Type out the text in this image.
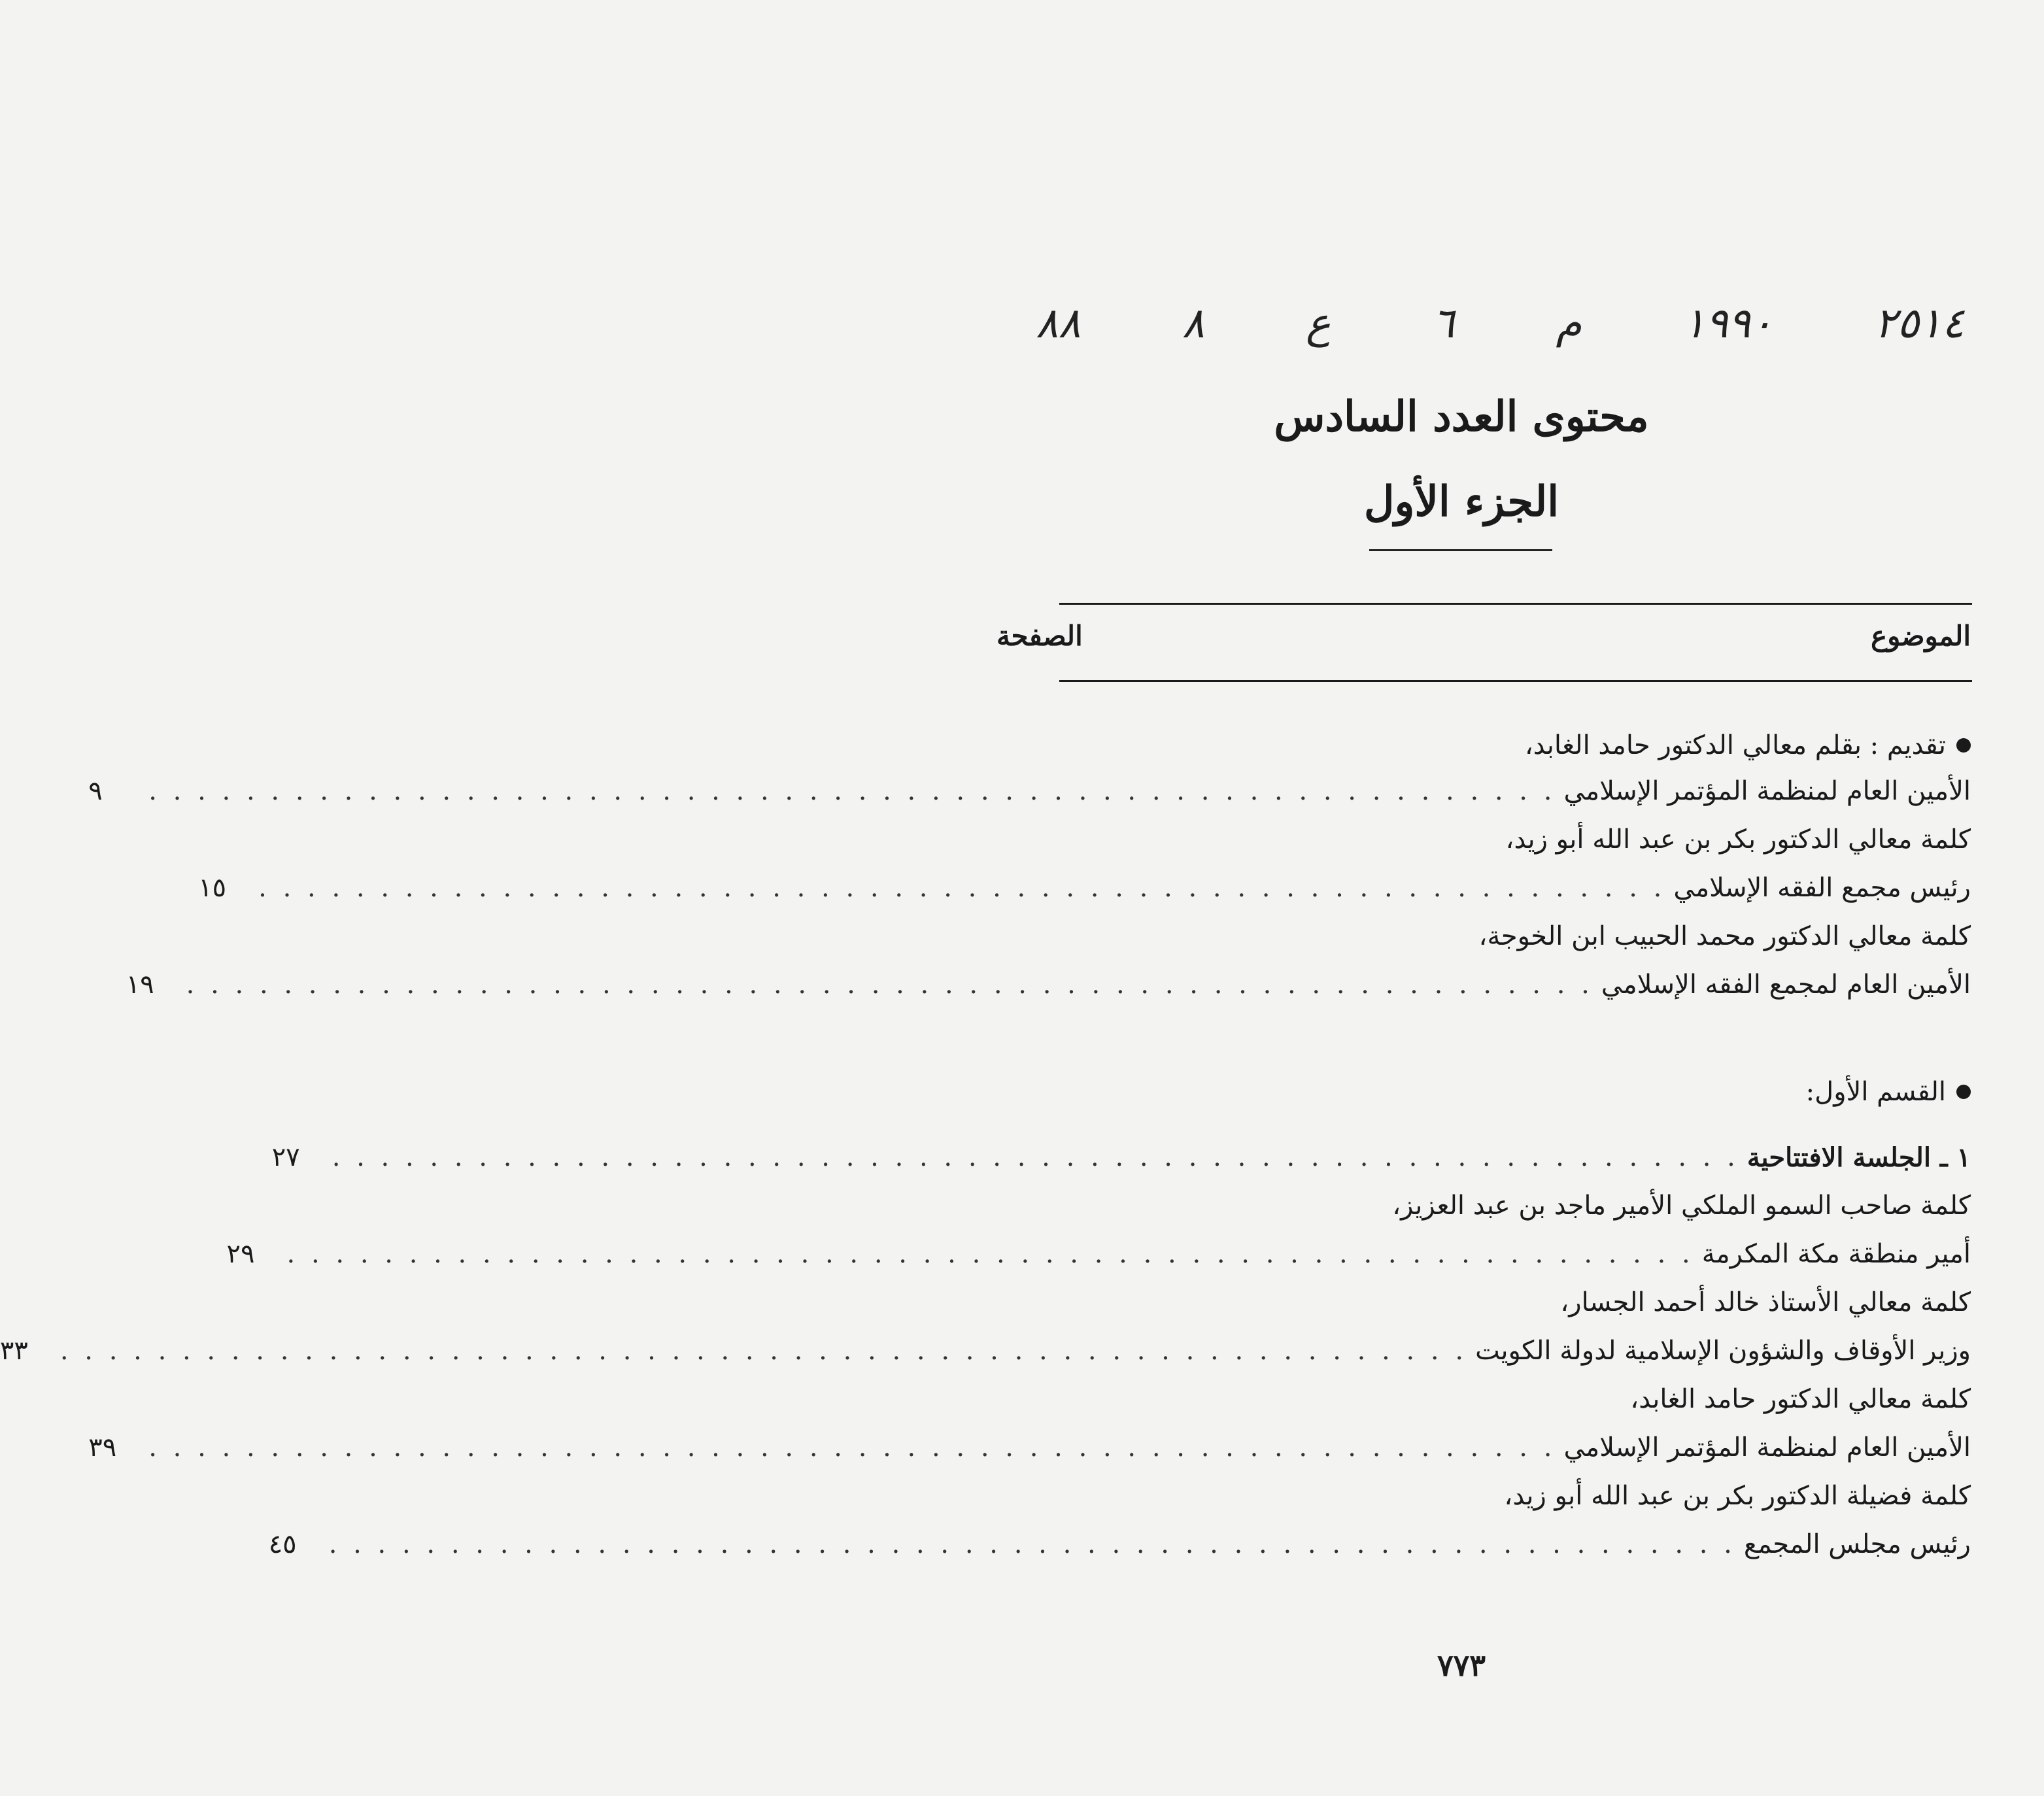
٨٨ ٨ ع ٦ م ١٩٩٠ ٢٥١٤
محتوى العدد السادس
الجزء الأول
الموضوع
الصفحة
تقديم : بقلم معالي الدكتور حامد الغابد،
الأمين العام لمنظمة المؤتمر الإسلامي
. . . . . . . . . . . . . . . . . . . . . . . . . . . . . . . . . . . . . . . . . . . . . . . . . . . . . . . . . .
٩
كلمة معالي الدكتور بكر بن عبد الله أبو زيد،
رئيس مجمع الفقه الإسلامي
. . . . . . . . . . . . . . . . . . . . . . . . . . . . . . . . . . . . . . . . . . . . . . . . . . . . . . . . . .
١٥
كلمة معالي الدكتور محمد الحبيب ابن الخوجة،
الأمين العام لمجمع الفقه الإسلامي
. . . . . . . . . . . . . . . . . . . . . . . . . . . . . . . . . . . . . . . . . . . . . . . . . . . . . . . . . .
١٩
١ ـ الجلسة الافتتاحية
. . . . . . . . . . . . . . . . . . . . . . . . . . . . . . . . . . . . . . . . . . . . . . . . . . . . . . . . . .
٢٧
كلمة صاحب السمو الملكي الأمير ماجد بن عبد العزيز،
أمير منطقة مكة المكرمة
. . . . . . . . . . . . . . . . . . . . . . . . . . . . . . . . . . . . . . . . . . . . . . . . . . . . . . . . . .
٢٩
كلمة معالي الأستاذ خالد أحمد الجسار،
وزير الأوقاف والشؤون الإسلامية لدولة الكويت
. . . . . . . . . . . . . . . . . . . . . . . . . . . . . . . . . . . . . . . . . . . . . . . . . . . . . . . . . .
٣٣
كلمة معالي الدكتور حامد الغابد،
الأمين العام لمنظمة المؤتمر الإسلامي
. . . . . . . . . . . . . . . . . . . . . . . . . . . . . . . . . . . . . . . . . . . . . . . . . . . . . . . . . .
٣٩
كلمة فضيلة الدكتور بكر بن عبد الله أبو زيد،
رئيس مجلس المجمع
. . . . . . . . . . . . . . . . . . . . . . . . . . . . . . . . . . . . . . . . . . . . . . . . . . . . . . . . . .
٤٥
القسم الأول:
٧٧٣
